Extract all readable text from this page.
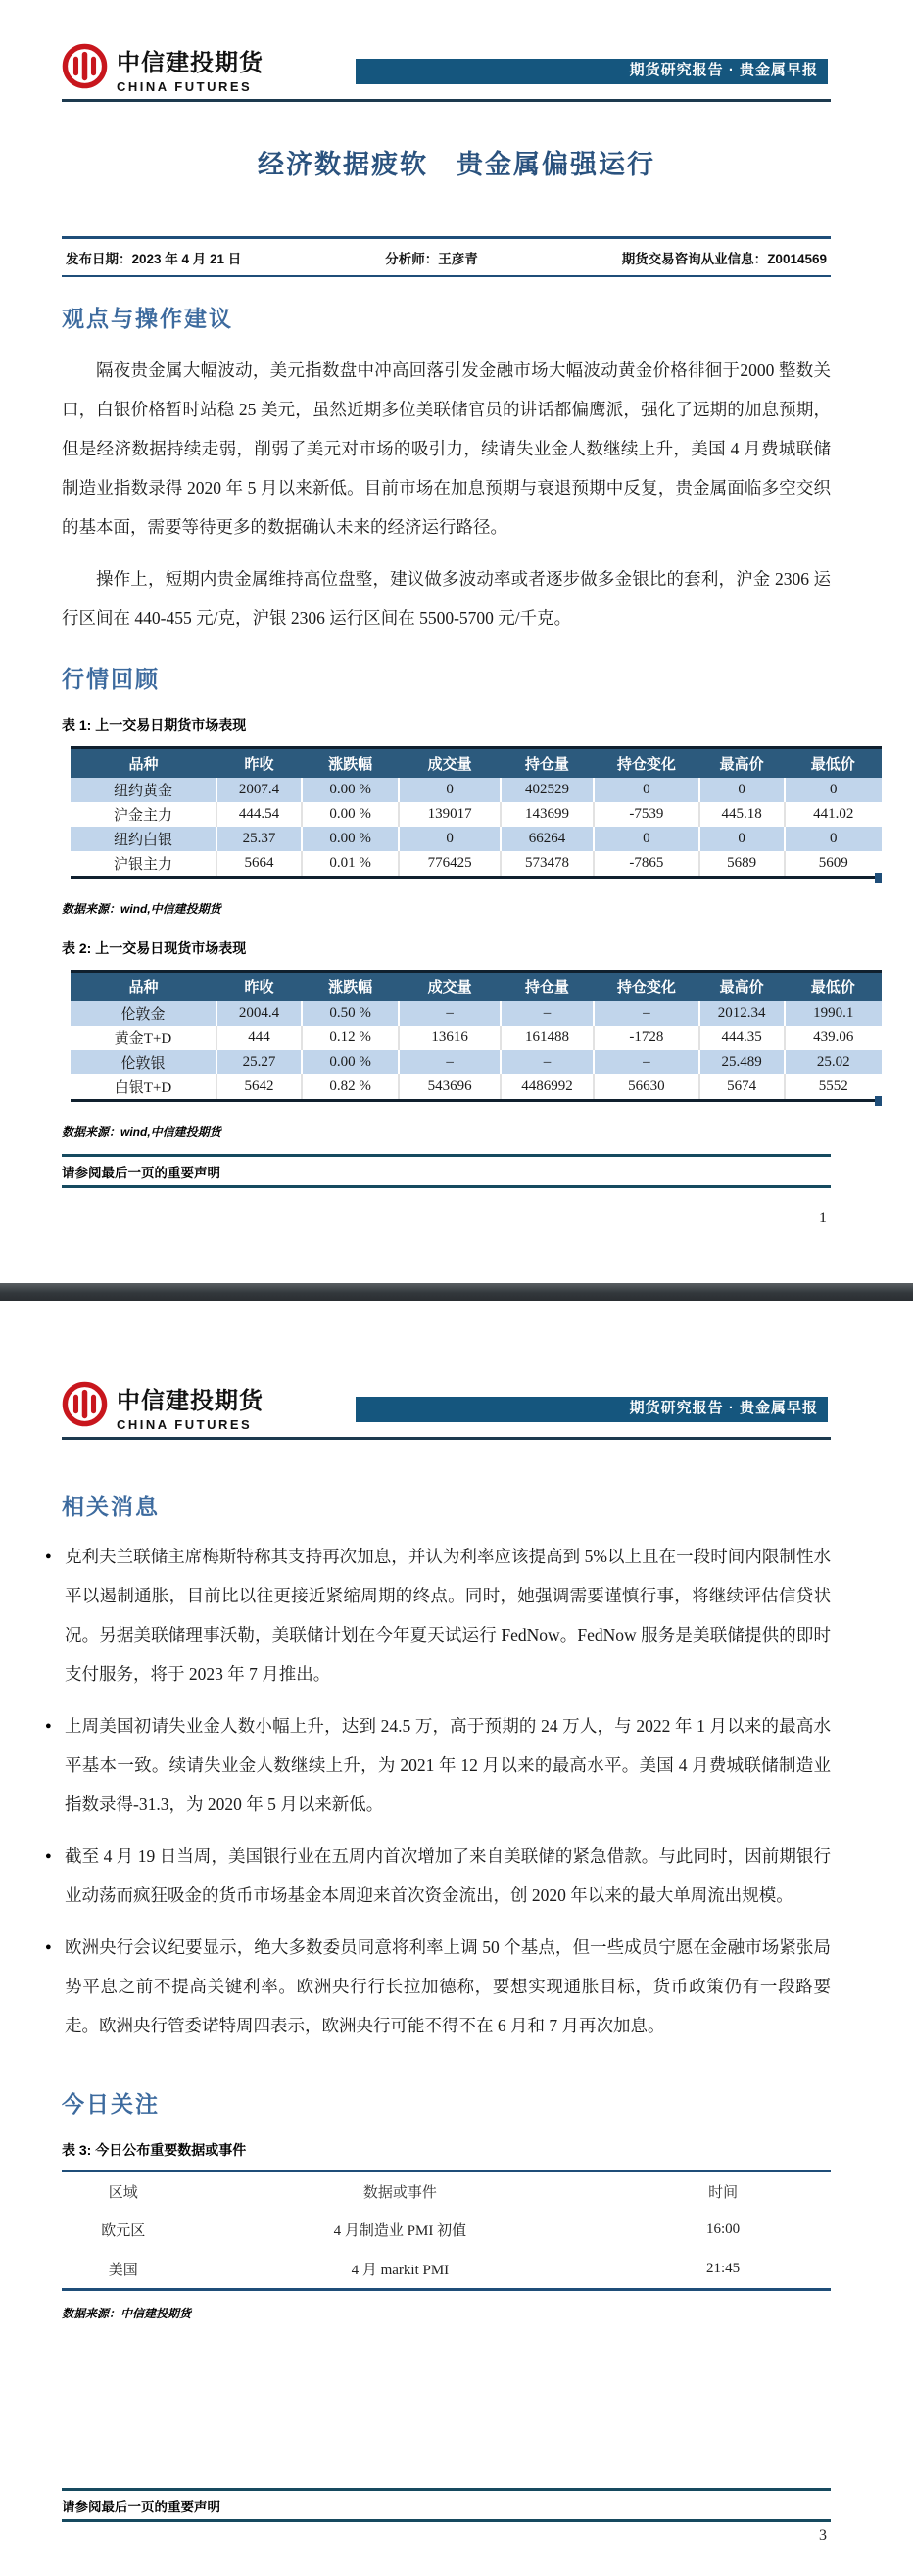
中信建投期货
CHINA FUTURES
期货研究报告 · 贵金属早报
经济数据疲软　贵金属偏强运行
发布日期：2023 年 4 月 21 日	分析师：王彦青	期货交易咨询从业信息：Z0014569
观点与操作建议

隔夜贵金属大幅波动，美元指数盘中冲高回落引发金融市场大幅波动黄金价格徘徊于2000 整数关口，白银价格暂时站稳 25 美元，虽然近期多位美联储官员的讲话都偏鹰派，强化了远期的加息预期，但是经济数据持续走弱，削弱了美元对市场的吸引力，续请失业金人数继续上升，美国 4 月费城联储制造业指数录得 2020 年 5 月以来新低。目前市场在加息预期与衰退预期中反复，贵金属面临多空交织的基本面，需要等待更多的数据确认未来的经济运行路径。

操作上，短期内贵金属维持高位盘整，建议做多波动率或者逐步做多金银比的套利，沪金 2306 运行区间在 440-455 元/克，沪银 2306 运行区间在 5500-5700 元/千克。

行情回顾
表 1: 上一交易日期货市场表现
品种	昨收	涨跌幅	成交量	持仓量	持仓变化	最高价	最低价
纽约黄金	2007.4	0.00 %	0	402529	0	0	0
沪金主力	444.54	0.00 %	139017	143699	-7539	445.18	441.02
纽约白银	25.37	0.00 %	0	66264	0	0	0
沪银主力	5664	0.01 %	776425	573478	-7865	5689	5609
数据来源：wind,中信建投期货
表 2: 上一交易日现货市场表现
品种	昨收	涨跌幅	成交量	持仓量	持仓变化	最高价	最低价
伦敦金	2004.4	0.50 %	–	–	–	2012.34	1990.1
黄金T+D	444	0.12 %	13616	161488	-1728	444.35	439.06
伦敦银	25.27	0.00 %	–	–	–	25.489	25.02
白银T+D	5642	0.82 %	543696	4486992	56630	5674	5552
数据来源：wind,中信建投期货
请参阅最后一页的重要声明
1
中信建投期货
CHINA FUTURES
期货研究报告 · 贵金属早报
相关消息
● 克利夫兰联储主席梅斯特称其支持再次加息，并认为利率应该提高到 5%以上且在一段时间内限制性水平以遏制通胀，目前比以往更接近紧缩周期的终点。同时，她强调需要谨慎行事，将继续评估信贷状况。另据美联储理事沃勒，美联储计划在今年夏天试运行 FedNow。FedNow 服务是美联储提供的即时支付服务，将于 2023 年 7 月推出。
● 上周美国初请失业金人数小幅上升，达到 24.5 万，高于预期的 24 万人，与 2022 年 1 月以来的最高水平基本一致。续请失业金人数继续上升，为 2021 年 12 月以来的最高水平。美国 4 月费城联储制造业指数录得-31.3，为 2020 年 5 月以来新低。
● 截至 4 月 19 日当周，美国银行业在五周内首次增加了来自美联储的紧急借款。与此同时，因前期银行业动荡而疯狂吸金的货币市场基金本周迎来首次资金流出，创 2020 年以来的最大单周流出规模。
● 欧洲央行会议纪要显示，绝大多数委员同意将利率上调 50 个基点，但一些成员宁愿在金融市场紧张局势平息之前不提高关键利率。欧洲央行行长拉加德称，要想实现通胀目标，货币政策仍有一段路要走。欧洲央行管委诺特周四表示，欧洲央行可能不得不在 6 月和 7 月再次加息。
今日关注
表 3: 今日公布重要数据或事件
区域	数据或事件	时间
欧元区	4 月制造业 PMI 初值	16:00
美国	4 月 markit PMI	21:45
数据来源：中信建投期货
请参阅最后一页的重要声明
3
